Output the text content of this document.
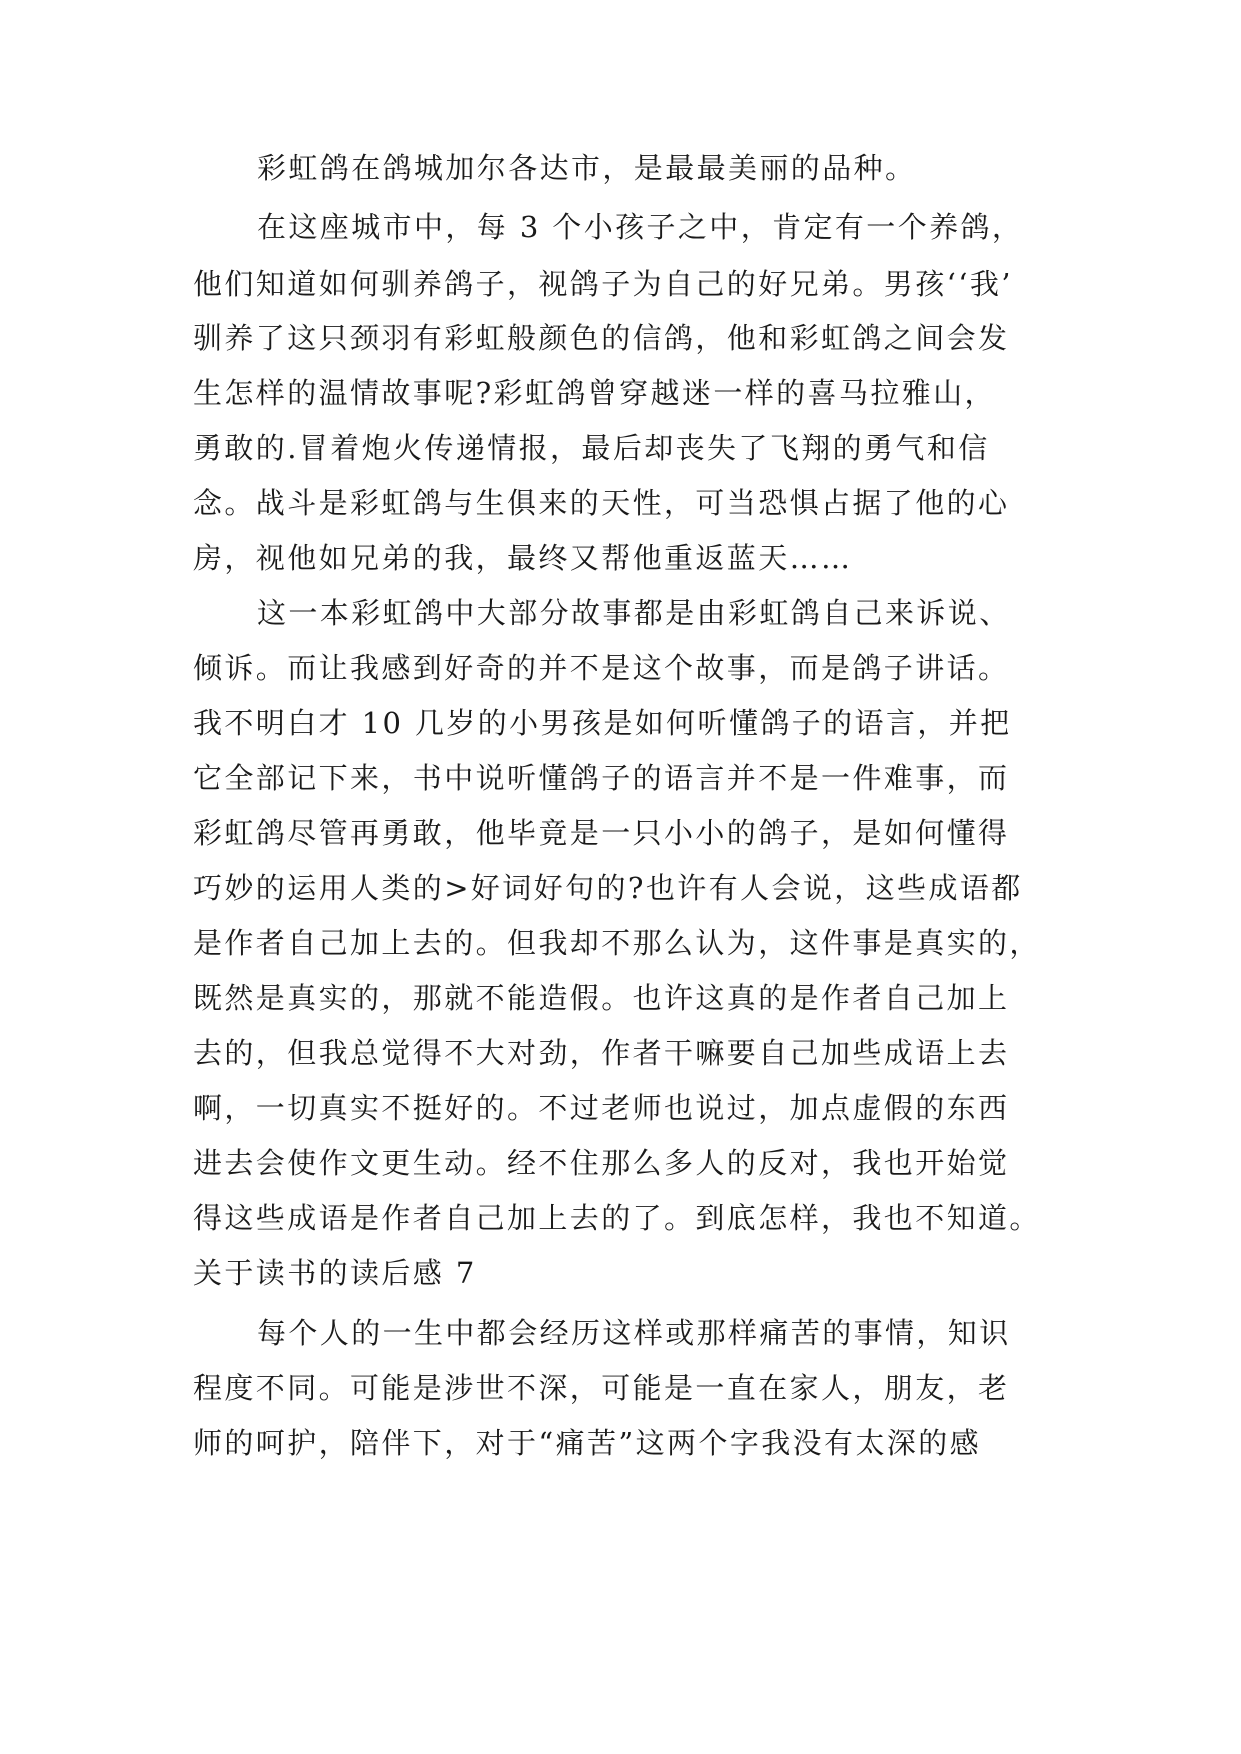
彩虹鸽在鸽城加尔各达市，是最最美丽的品种。
在这座城市中，每 3 个小孩子之中，肯定有一个养鸽，
他们知道如何驯养鸽子，视鸽子为自己的好兄弟。男孩‘‘我’
驯养了这只颈羽有彩虹般颜色的信鸽，他和彩虹鸽之间会发
生怎样的温情故事呢?彩虹鸽曾穿越迷一样的喜马拉雅山，
勇敢的.冒着炮火传递情报，最后却丧失了飞翔的勇气和信
念。战斗是彩虹鸽与生俱来的天性，可当恐惧占据了他的心
房，视他如兄弟的我，最终又帮他重返蓝天……
这一本彩虹鸽中大部分故事都是由彩虹鸽自己来诉说、
倾诉。而让我感到好奇的并不是这个故事，而是鸽子讲话。
我不明白才 10 几岁的小男孩是如何听懂鸽子的语言，并把
它全部记下来，书中说听懂鸽子的语言并不是一件难事，而
彩虹鸽尽管再勇敢，他毕竟是一只小小的鸽子，是如何懂得
巧妙的运用人类的>好词好句的?也许有人会说，这些成语都
是作者自己加上去的。但我却不那么认为，这件事是真实的，
既然是真实的，那就不能造假。也许这真的是作者自己加上
去的，但我总觉得不大对劲，作者干嘛要自己加些成语上去
啊，一切真实不挺好的。不过老师也说过，加点虚假的东西
进去会使作文更生动。经不住那么多人的反对，我也开始觉
得这些成语是作者自己加上去的了。到底怎样，我也不知道。
关于读书的读后感 7
每个人的一生中都会经历这样或那样痛苦的事情，知识
程度不同。可能是涉世不深，可能是一直在家人，朋友，老
师的呵护，陪伴下，对于“痛苦”这两个字我没有太深的感
